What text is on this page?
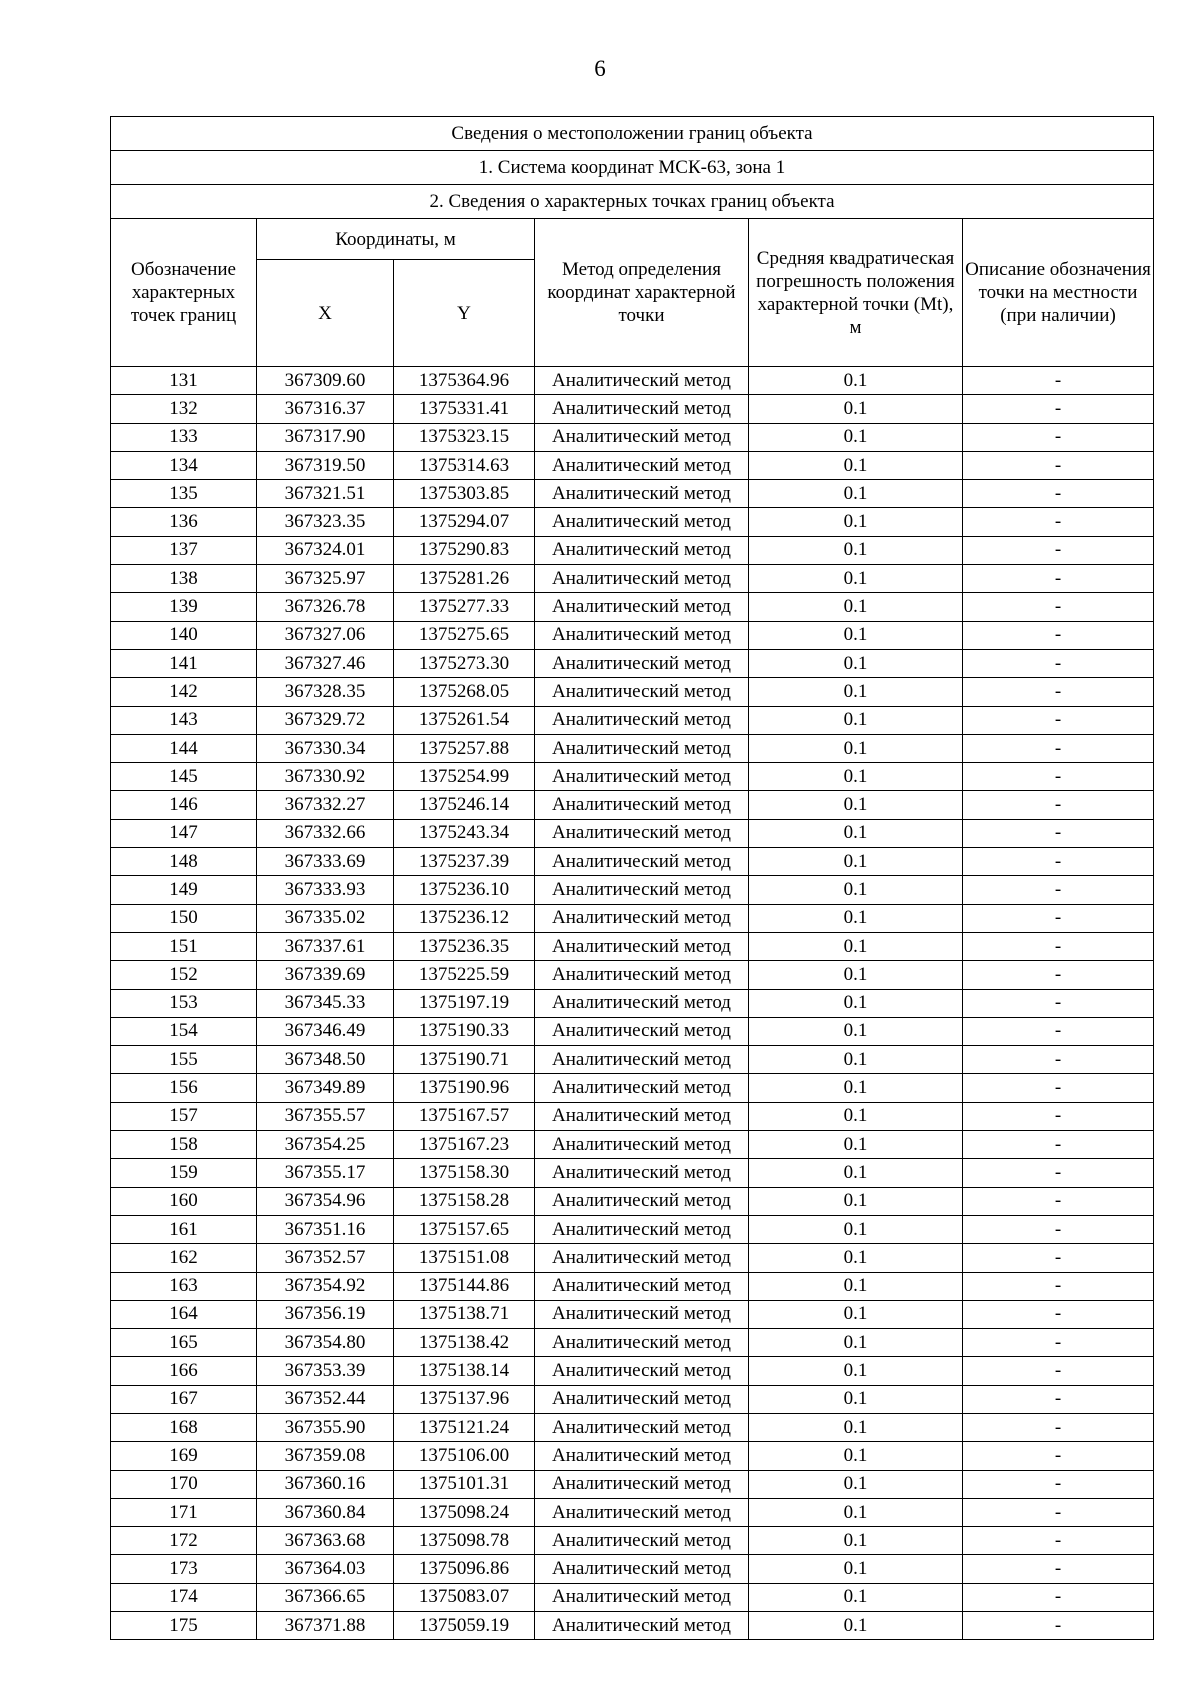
6
Сведения о местоположении границ объекта					
1. Система координат МСК-63, зона 1					
2. Сведения о характерных точках границ объекта					
Обозначение характерных точек границ	Координаты, м		Метод определения координат характерной точки	Средняя квадратическая погрешность положения характерной точки (Mt), м	Описание обозначения точки на местности (при наличии)
	X	Y			
131	367309.60	1375364.96	Аналитический метод	0.1	-
132	367316.37	1375331.41	Аналитический метод	0.1	-
133	367317.90	1375323.15	Аналитический метод	0.1	-
134	367319.50	1375314.63	Аналитический метод	0.1	-
135	367321.51	1375303.85	Аналитический метод	0.1	-
136	367323.35	1375294.07	Аналитический метод	0.1	-
137	367324.01	1375290.83	Аналитический метод	0.1	-
138	367325.97	1375281.26	Аналитический метод	0.1	-
139	367326.78	1375277.33	Аналитический метод	0.1	-
140	367327.06	1375275.65	Аналитический метод	0.1	-
141	367327.46	1375273.30	Аналитический метод	0.1	-
142	367328.35	1375268.05	Аналитический метод	0.1	-
143	367329.72	1375261.54	Аналитический метод	0.1	-
144	367330.34	1375257.88	Аналитический метод	0.1	-
145	367330.92	1375254.99	Аналитический метод	0.1	-
146	367332.27	1375246.14	Аналитический метод	0.1	-
147	367332.66	1375243.34	Аналитический метод	0.1	-
148	367333.69	1375237.39	Аналитический метод	0.1	-
149	367333.93	1375236.10	Аналитический метод	0.1	-
150	367335.02	1375236.12	Аналитический метод	0.1	-
151	367337.61	1375236.35	Аналитический метод	0.1	-
152	367339.69	1375225.59	Аналитический метод	0.1	-
153	367345.33	1375197.19	Аналитический метод	0.1	-
154	367346.49	1375190.33	Аналитический метод	0.1	-
155	367348.50	1375190.71	Аналитический метод	0.1	-
156	367349.89	1375190.96	Аналитический метод	0.1	-
157	367355.57	1375167.57	Аналитический метод	0.1	-
158	367354.25	1375167.23	Аналитический метод	0.1	-
159	367355.17	1375158.30	Аналитический метод	0.1	-
160	367354.96	1375158.28	Аналитический метод	0.1	-
161	367351.16	1375157.65	Аналитический метод	0.1	-
162	367352.57	1375151.08	Аналитический метод	0.1	-
163	367354.92	1375144.86	Аналитический метод	0.1	-
164	367356.19	1375138.71	Аналитический метод	0.1	-
165	367354.80	1375138.42	Аналитический метод	0.1	-
166	367353.39	1375138.14	Аналитический метод	0.1	-
167	367352.44	1375137.96	Аналитический метод	0.1	-
168	367355.90	1375121.24	Аналитический метод	0.1	-
169	367359.08	1375106.00	Аналитический метод	0.1	-
170	367360.16	1375101.31	Аналитический метод	0.1	-
171	367360.84	1375098.24	Аналитический метод	0.1	-
172	367363.68	1375098.78	Аналитический метод	0.1	-
173	367364.03	1375096.86	Аналитический метод	0.1	-
174	367366.65	1375083.07	Аналитический метод	0.1	-
175	367371.88	1375059.19	Аналитический метод	0.1	-
